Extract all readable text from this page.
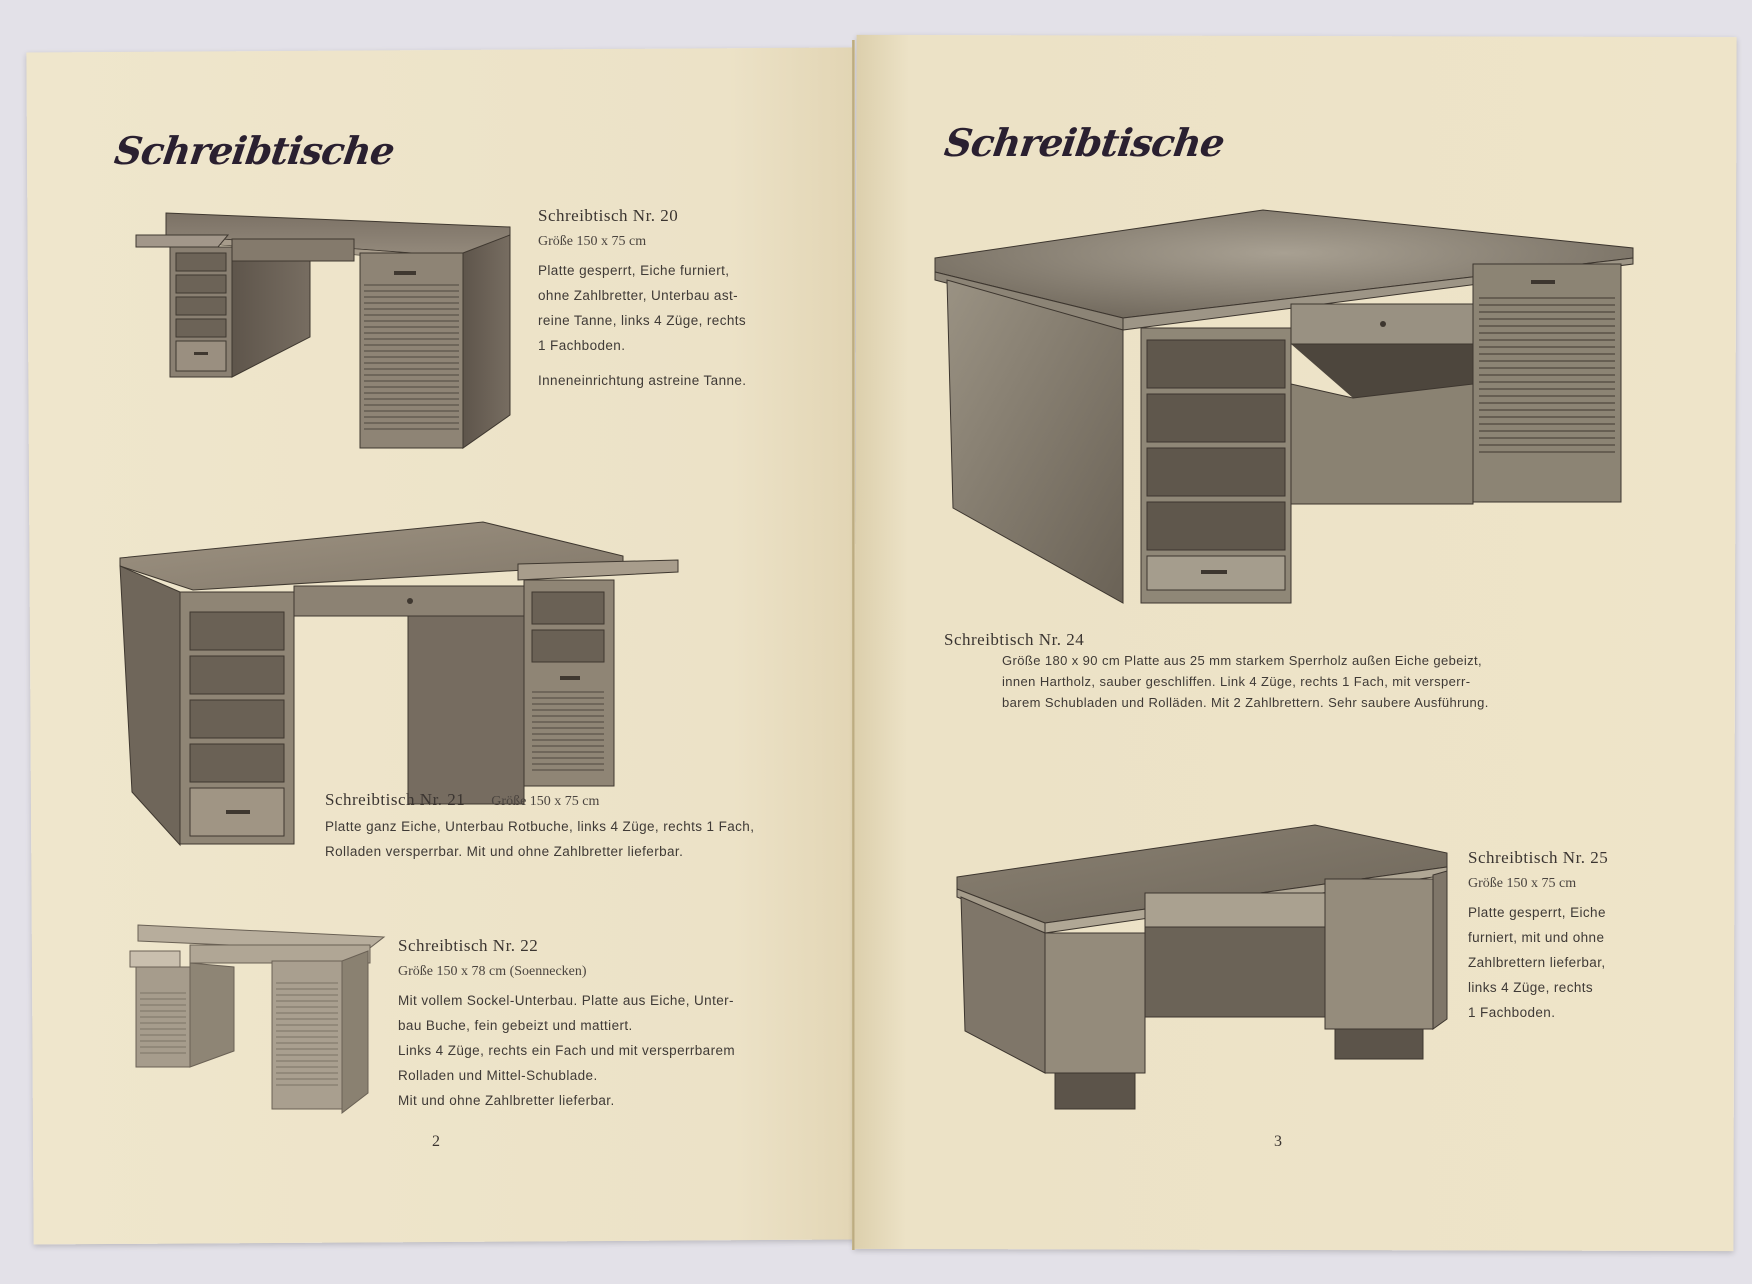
Schreibtische	Schreibtische
Schreibtisch Nr. 20
Größe 150 x 75 cm
Platte gesperrt, Eiche furniert,
ohne Zahlbretter, Unterbau ast-
reine Tanne, links 4 Züge, rechts
1 Fachboden.
Inneneinrichtung astreine Tanne.
Schreibtisch Nr. 21 Größe 150 x 75 cm
Platte ganz Eiche, Unterbau Rotbuche, links 4 Züge, rechts 1 Fach,
Rolladen versperrbar. Mit und ohne Zahlbretter lieferbar.
Schreibtisch Nr. 22
Größe 150 x 78 cm (Soennecken)
Mit vollem Sockel-Unterbau. Platte aus Eiche, Unter-
bau Buche, fein gebeizt und mattiert.
Links 4 Züge, rechts ein Fach und mit versperrbarem
Rolladen und Mittel-Schublade.
Mit und ohne Zahlbretter lieferbar.
2
Schreibtisch Nr. 24
Größe 180 x 90 cm Platte aus 25 mm starkem Sperrholz außen Eiche gebeizt,
innen Hartholz, sauber geschliffen. Link 4 Züge, rechts 1 Fach, mit versperr-
barem Schubladen und Rolläden. Mit 2 Zahlbrettern. Sehr saubere Ausführung.
Schreibtisch Nr. 25
Größe 150 x 75 cm
Platte gesperrt, Eiche
furniert, mit und ohne
Zahlbrettern lieferbar,
links 4 Züge, rechts
1 Fachboden.
3
